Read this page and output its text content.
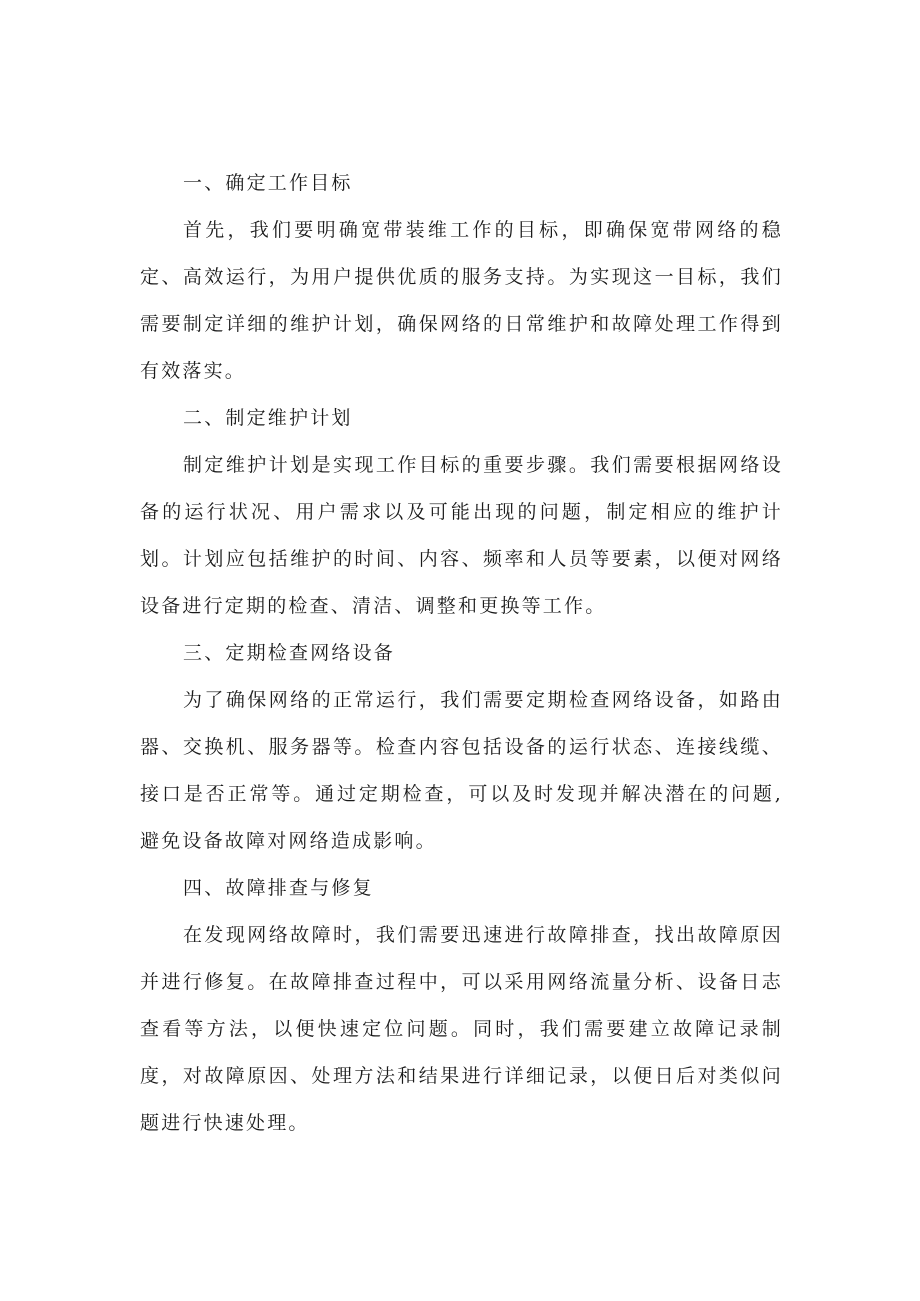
一、确定工作目标

首先，我们要明确宽带装维工作的目标，即确保宽带网络的稳定、高效运行，为用户提供优质的服务支持。为实现这一目标，我们需要制定详细的维护计划，确保网络的日常维护和故障处理工作得到有效落实。

二、制定维护计划

制定维护计划是实现工作目标的重要步骤。我们需要根据网络设备的运行状况、用户需求以及可能出现的问题，制定相应的维护计划。计划应包括维护的时间、内容、频率和人员等要素，以便对网络设备进行定期的检查、清洁、调整和更换等工作。

三、定期检查网络设备

为了确保网络的正常运行，我们需要定期检查网络设备，如路由器、交换机、服务器等。检查内容包括设备的运行状态、连接线缆、接口是否正常等。通过定期检查，可以及时发现并解决潜在的问题,避免设备故障对网络造成影响。

四、故障排查与修复

在发现网络故障时，我们需要迅速进行故障排查，找出故障原因并进行修复。在故障排查过程中，可以采用网络流量分析、设备日志查看等方法，以便快速定位问题。同时，我们需要建立故障记录制度，对故障原因、处理方法和结果进行详细记录，以便日后对类似问题进行快速处理。
